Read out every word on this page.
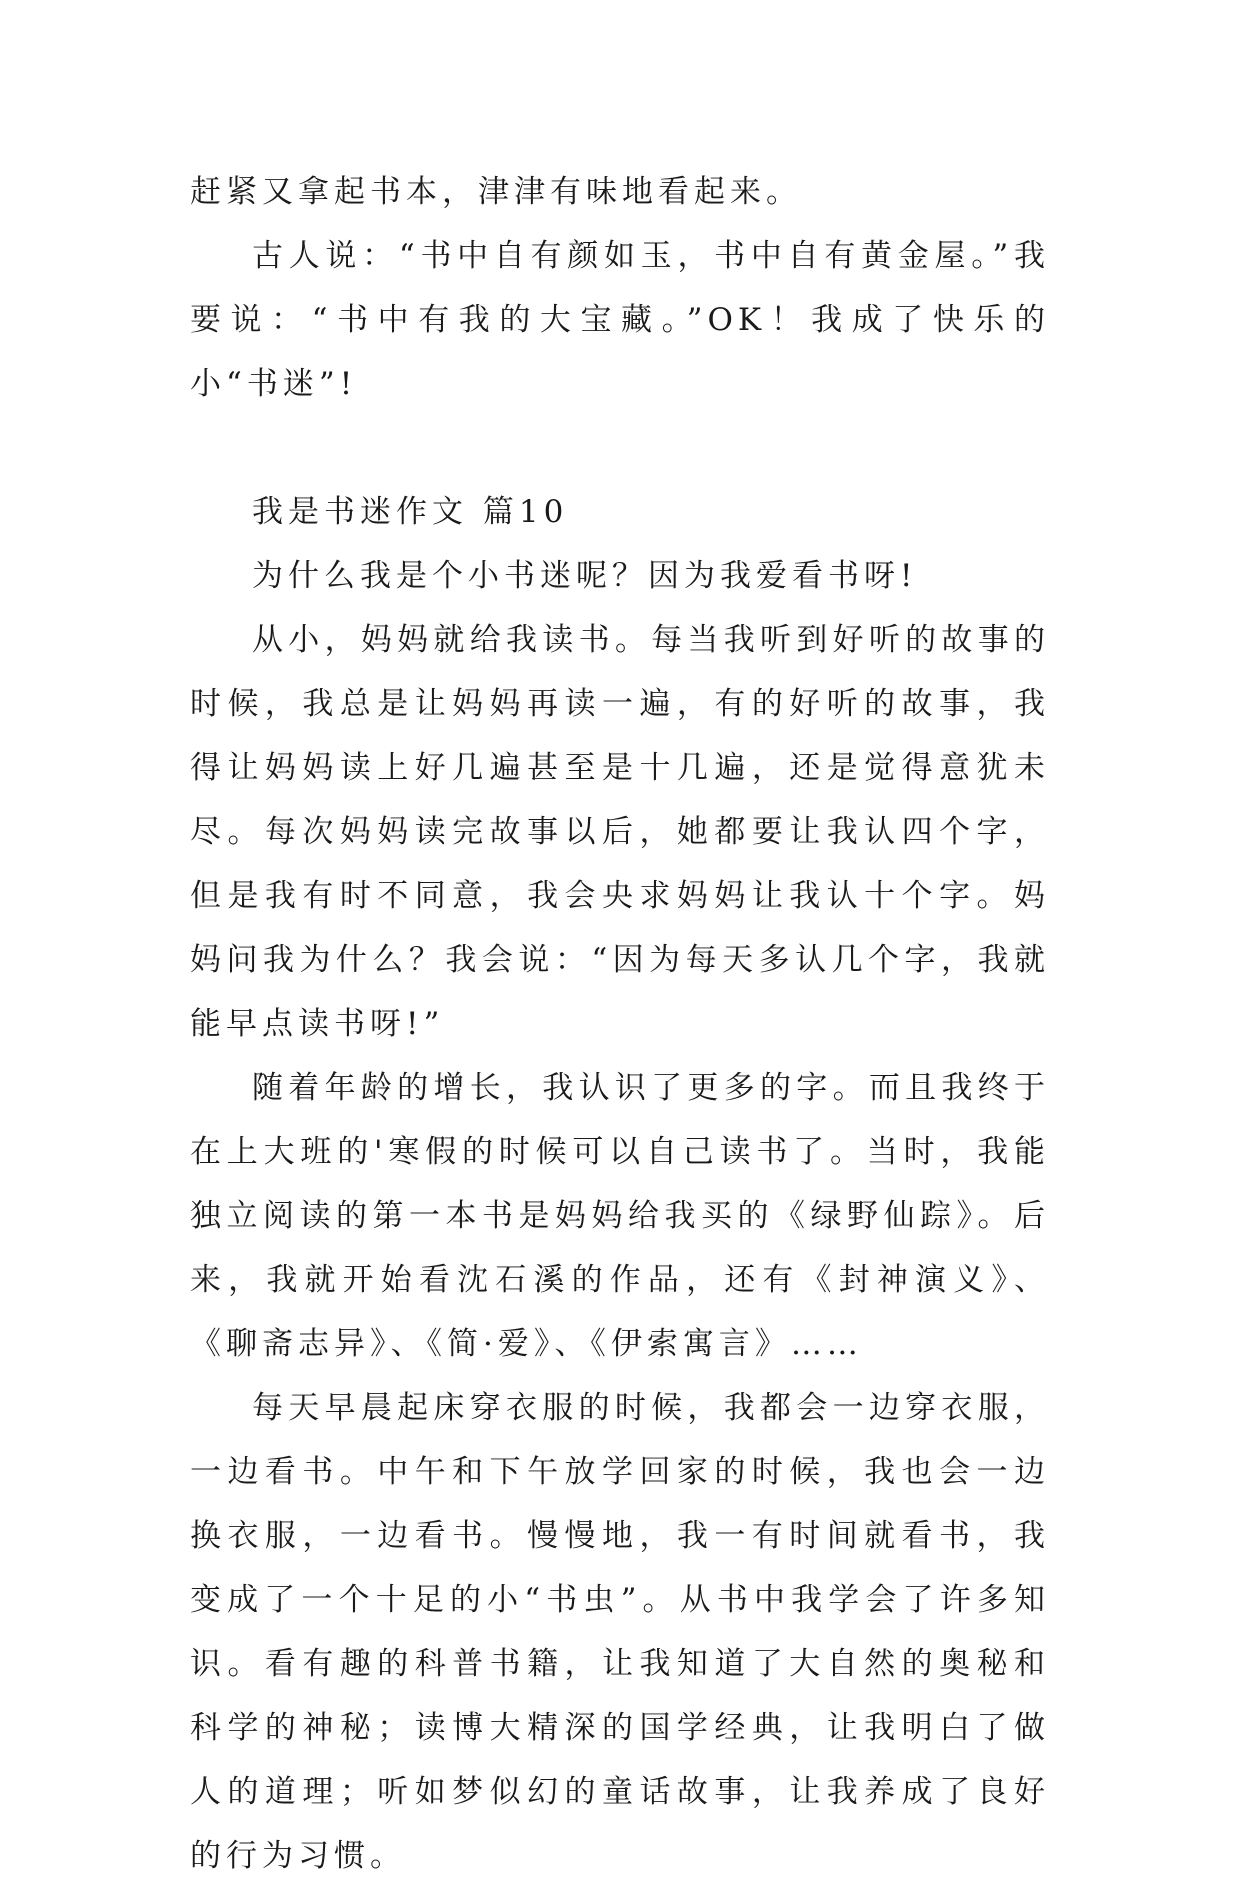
赶紧又拿起书本，津津有味地看起来。

古人说：“书中自有颜如玉，书中自有黄金屋。”我要说：“书中有我的大宝藏。”OK！我成了快乐的小“书迷”!

我是书迷作文 篇10

为什么我是个小书迷呢？因为我爱看书呀!

从小，妈妈就给我读书。每当我听到好听的故事的时候，我总是让妈妈再读一遍，有的好听的故事，我得让妈妈读上好几遍甚至是十几遍，还是觉得意犹未尽。每次妈妈读完故事以后，她都要让我认四个字，但是我有时不同意，我会央求妈妈让我认十个字。妈妈问我为什么？我会说：“因为每天多认几个字，我就能早点读书呀!”

随着年龄的增长，我认识了更多的字。而且我终于在上大班的'寒假的时候可以自己读书了。当时，我能独立阅读的第一本书是妈妈给我买的《绿野仙踪》。后来，我就开始看沈石溪的作品，还有《封神演义》、《聊斋志异》、《简·爱》、《伊索寓言》……

每天早晨起床穿衣服的时候，我都会一边穿衣服，一边看书。中午和下午放学回家的时候，我也会一边换衣服，一边看书。慢慢地，我一有时间就看书，我变成了一个十足的小“书虫”。从书中我学会了许多知识。看有趣的科普书籍，让我知道了大自然的奥秘和科学的神秘；读博大精深的国学经典，让我明白了做人的道理；听如梦似幻的童话故事，让我养成了良好的行为习惯。
